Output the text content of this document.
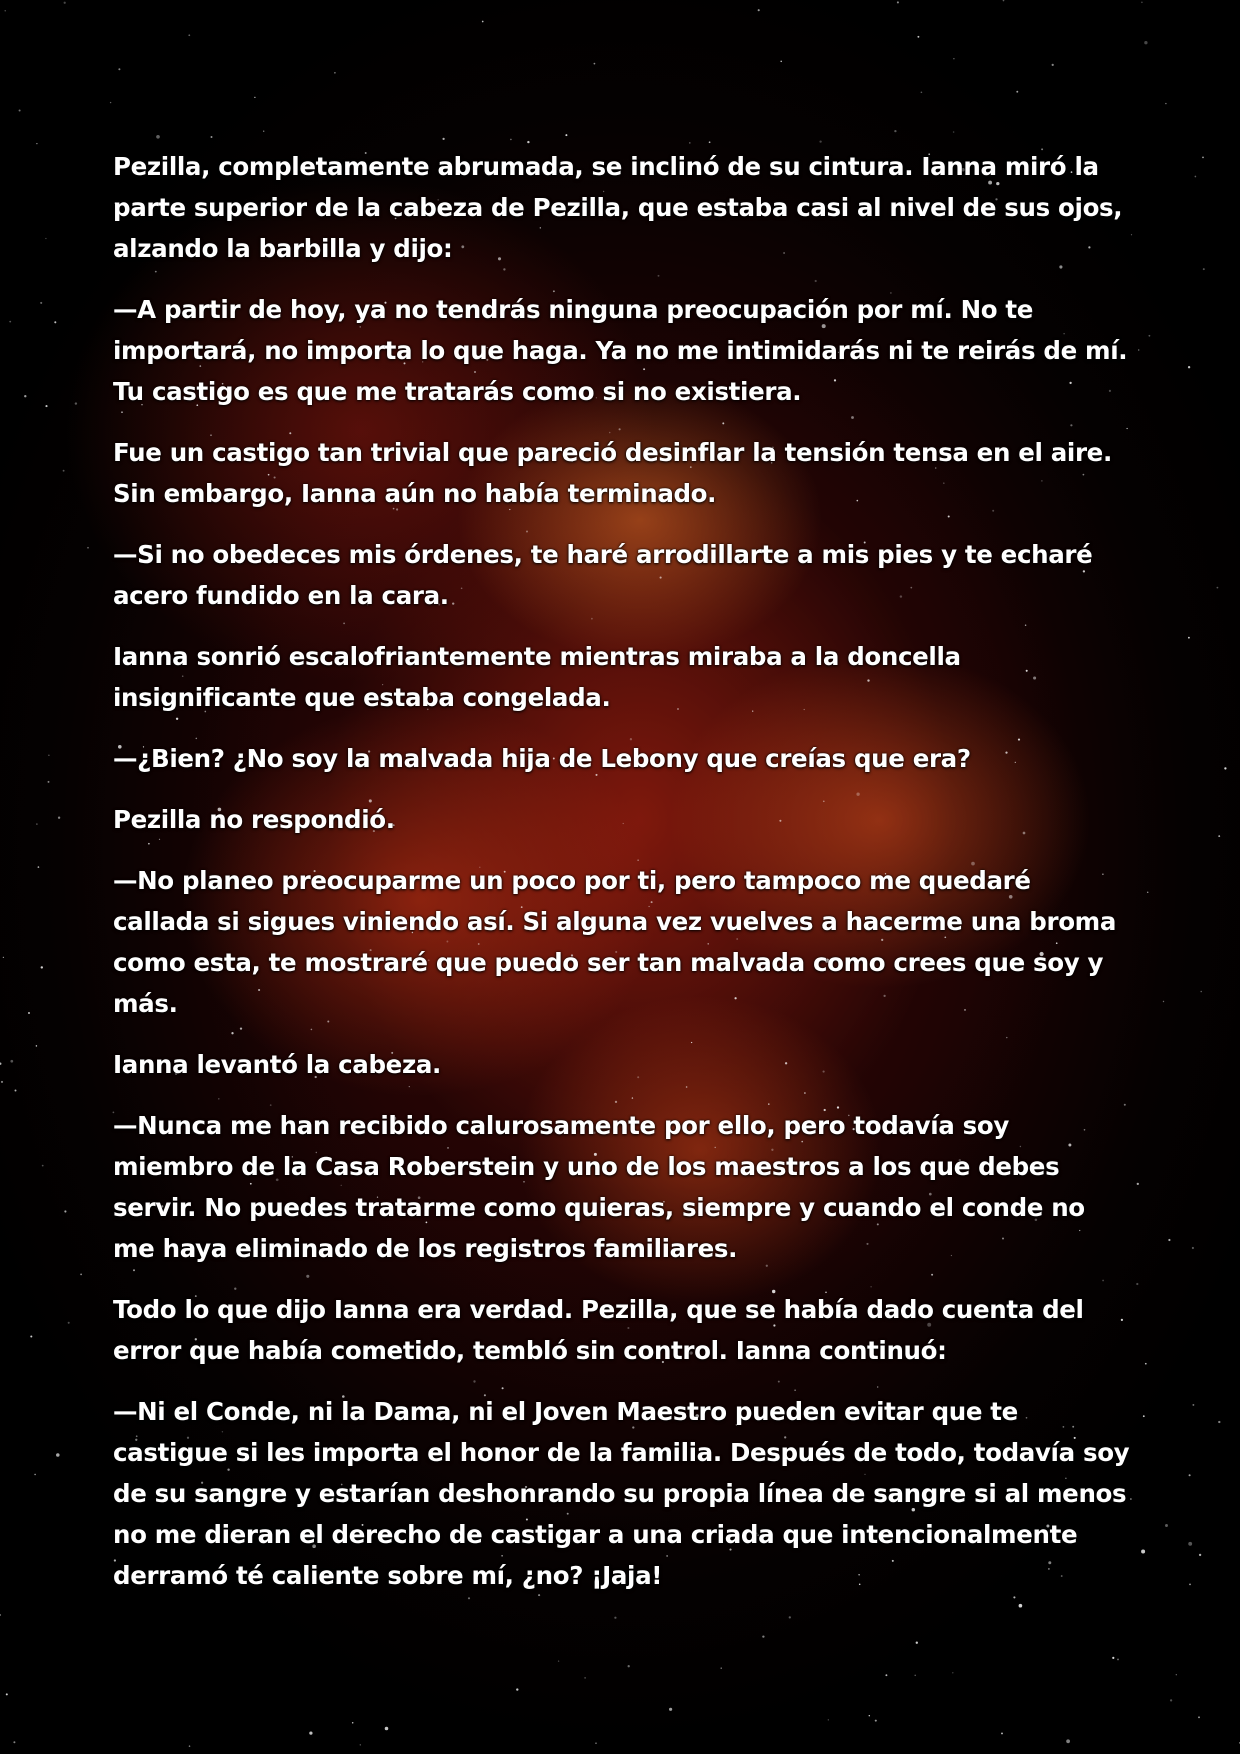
Pezilla, completamente abrumada, se inclinó de su cintura. Ianna miró la parte superior de la cabeza de Pezilla, que estaba casi al nivel de sus ojos, alzando la barbilla y dijo:

—A partir de hoy, ya no tendrás ninguna preocupación por mí. No te importará, no importa lo que haga. Ya no me intimidarás ni te reirás de mí. Tu castigo es que me tratarás como si no existiera.

Fue un castigo tan trivial que pareció desinflar la tensión tensa en el aire. Sin embargo, Ianna aún no había terminado.

—Si no obedeces mis órdenes, te haré arrodillarte a mis pies y te echaré acero fundido en la cara.

Ianna sonrió escalofriantemente mientras miraba a la doncella insignificante que estaba congelada.

—¿Bien? ¿No soy la malvada hija de Lebony que creías que era?

Pezilla no respondió.

—No planeo preocuparme un poco por ti, pero tampoco me quedaré callada si sigues viniendo así. Si alguna vez vuelves a hacerme una broma como esta, te mostraré que puedo ser tan malvada como crees que soy y más.

Ianna levantó la cabeza.

—Nunca me han recibido calurosamente por ello, pero todavía soy miembro de la Casa Roberstein y uno de los maestros a los que debes servir. No puedes tratarme como quieras, siempre y cuando el conde no me haya eliminado de los registros familiares.

Todo lo que dijo Ianna era verdad. Pezilla, que se había dado cuenta del error que había cometido, tembló sin control. Ianna continuó:

—Ni el Conde, ni la Dama, ni el Joven Maestro pueden evitar que te castigue si les importa el honor de la familia. Después de todo, todavía soy de su sangre y estarían deshonrando su propia línea de sangre si al menos no me dieran el derecho de castigar a una criada que intencionalmente derramó té caliente sobre mí, ¿no? ¡Jaja!
